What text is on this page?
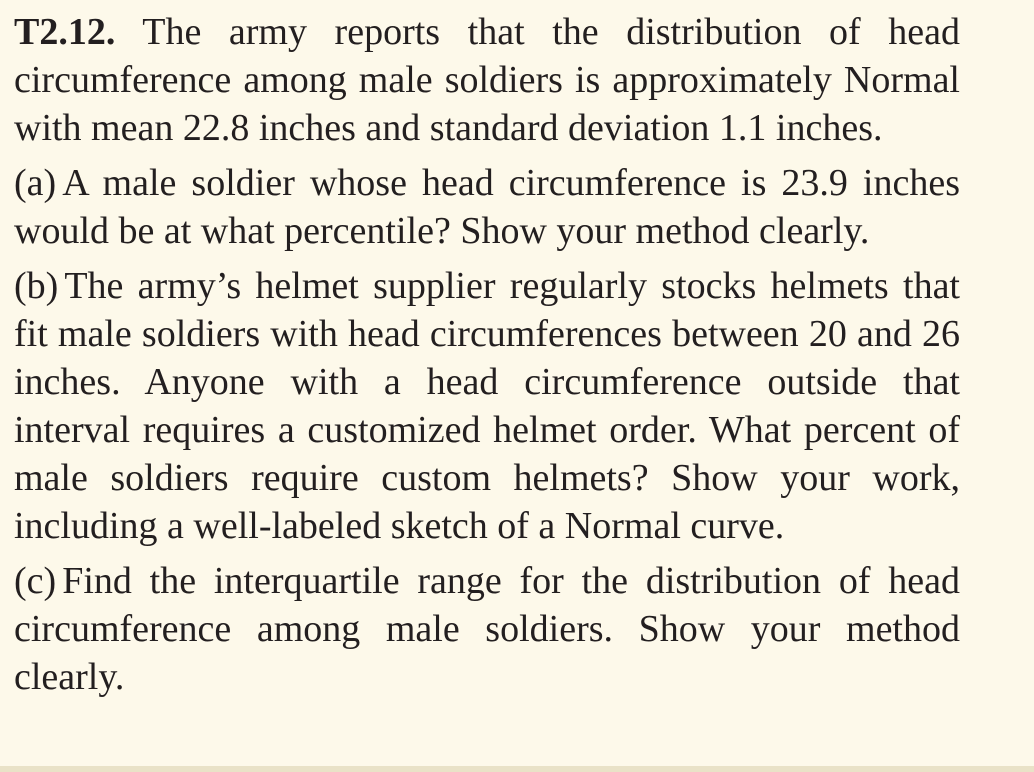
T2.12. The army reports that the distribution of head circumference among male soldiers is approximately Normal with mean 22.8 inches and standard deviation 1.1 inches.

(a) A male soldier whose head circumference is 23.9 inches would be at what percentile? Show your method clearly.

(b) The army’s helmet supplier regularly stocks helmets that fit male soldiers with head circumferences between 20 and 26 inches. Anyone with a head circumference outside that interval requires a customized helmet order. What percent of male soldiers require custom helmets? Show your work, including a well-labeled sketch of a Normal curve.

(c) Find the interquartile range for the distribution of head circumference among male soldiers. Show your method clearly.
